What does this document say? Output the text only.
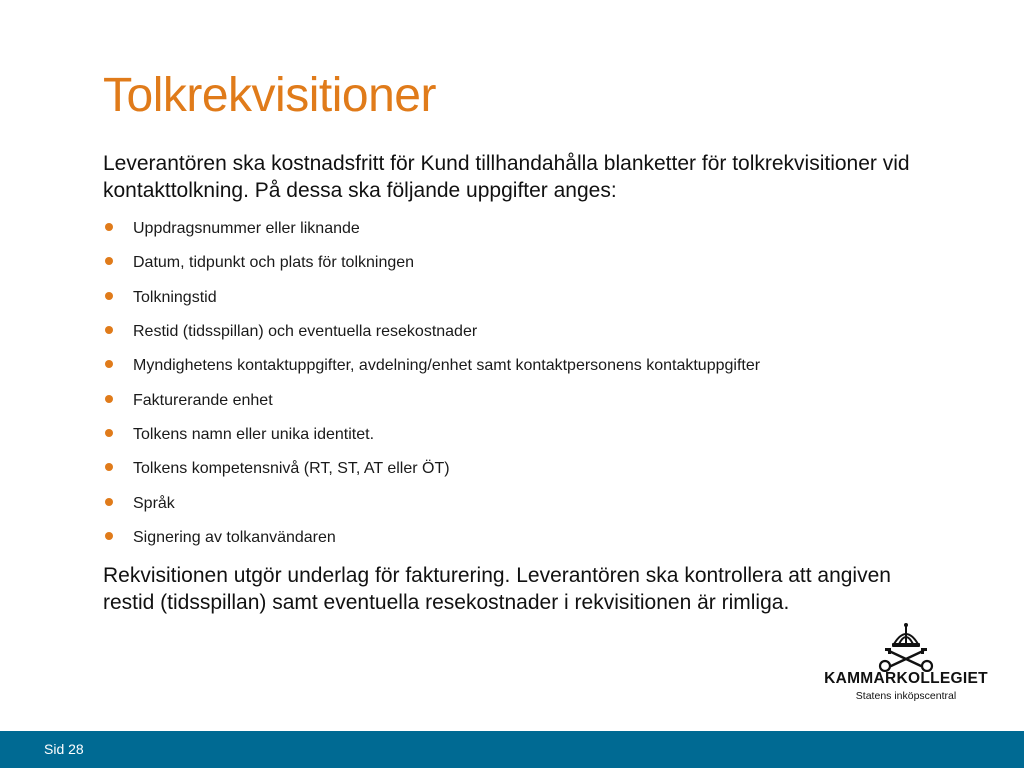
Tolkrekvisitioner

Leverantören ska kostnadsfritt för Kund tillhandahålla blanketter för tolkrekvisitioner vid kontakttolkning. På dessa ska följande uppgifter anges:

Uppdragsnummer eller liknande
Datum, tidpunkt och plats för tolkningen
Tolkningstid
Restid (tidsspillan) och eventuella resekostnader
Myndighetens kontaktuppgifter, avdelning/enhet samt kontaktpersonens kontaktuppgifter
Fakturerande enhet
Tolkens namn eller unika identitet.
Tolkens kompetensnivå (RT, ST, AT eller ÖT)
Språk
Signering av tolkanvändaren

Rekvisitionen utgör underlag för fakturering. Leverantören ska kontrollera att angiven restid (tidsspillan) samt eventuella resekostnader i rekvisitionen är rimliga.

KAMMARKOLLEGIET
Statens inköpscentral
Sid 28
